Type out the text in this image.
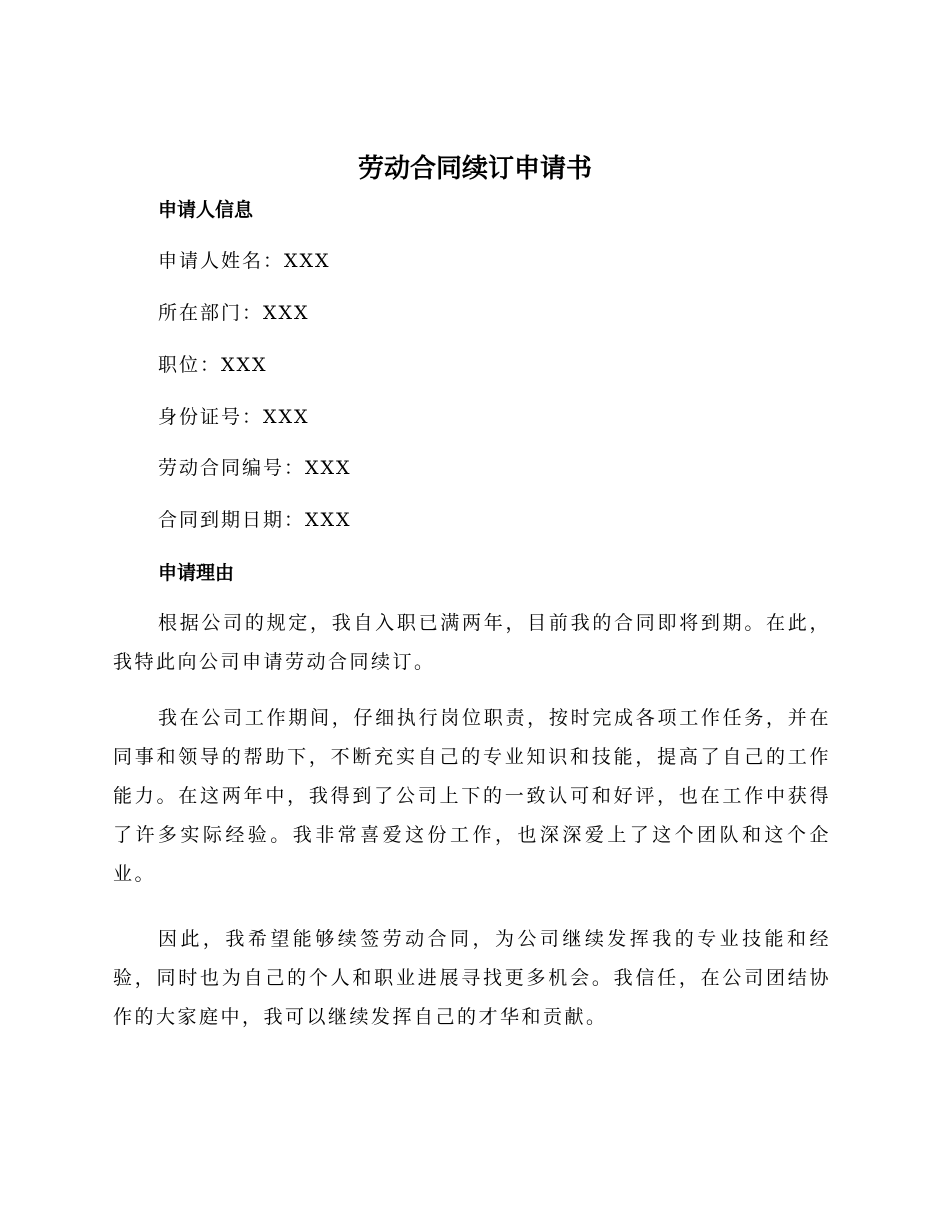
劳动合同续订申请书
申请人信息
申请人姓名：XXX
所在部门：XXX
职位：XXX
身份证号：XXX
劳动合同编号：XXX
合同到期日期：XXX
申请理由
根据公司的规定，我自入职已满两年，目前我的合同即将到期。在此，我特此向公司申请劳动合同续订。
我在公司工作期间，仔细执行岗位职责，按时完成各项工作任务，并在同事和领导的帮助下，不断充实自己的专业知识和技能，提高了自己的工作能力。在这两年中，我得到了公司上下的一致认可和好评，也在工作中获得了许多实际经验。我非常喜爱这份工作，也深深爱上了这个团队和这个企业。
因此，我希望能够续签劳动合同，为公司继续发挥我的专业技能和经验，同时也为自己的个人和职业进展寻找更多机会。我信任，在公司团结协作的大家庭中，我可以继续发挥自己的才华和贡献。
